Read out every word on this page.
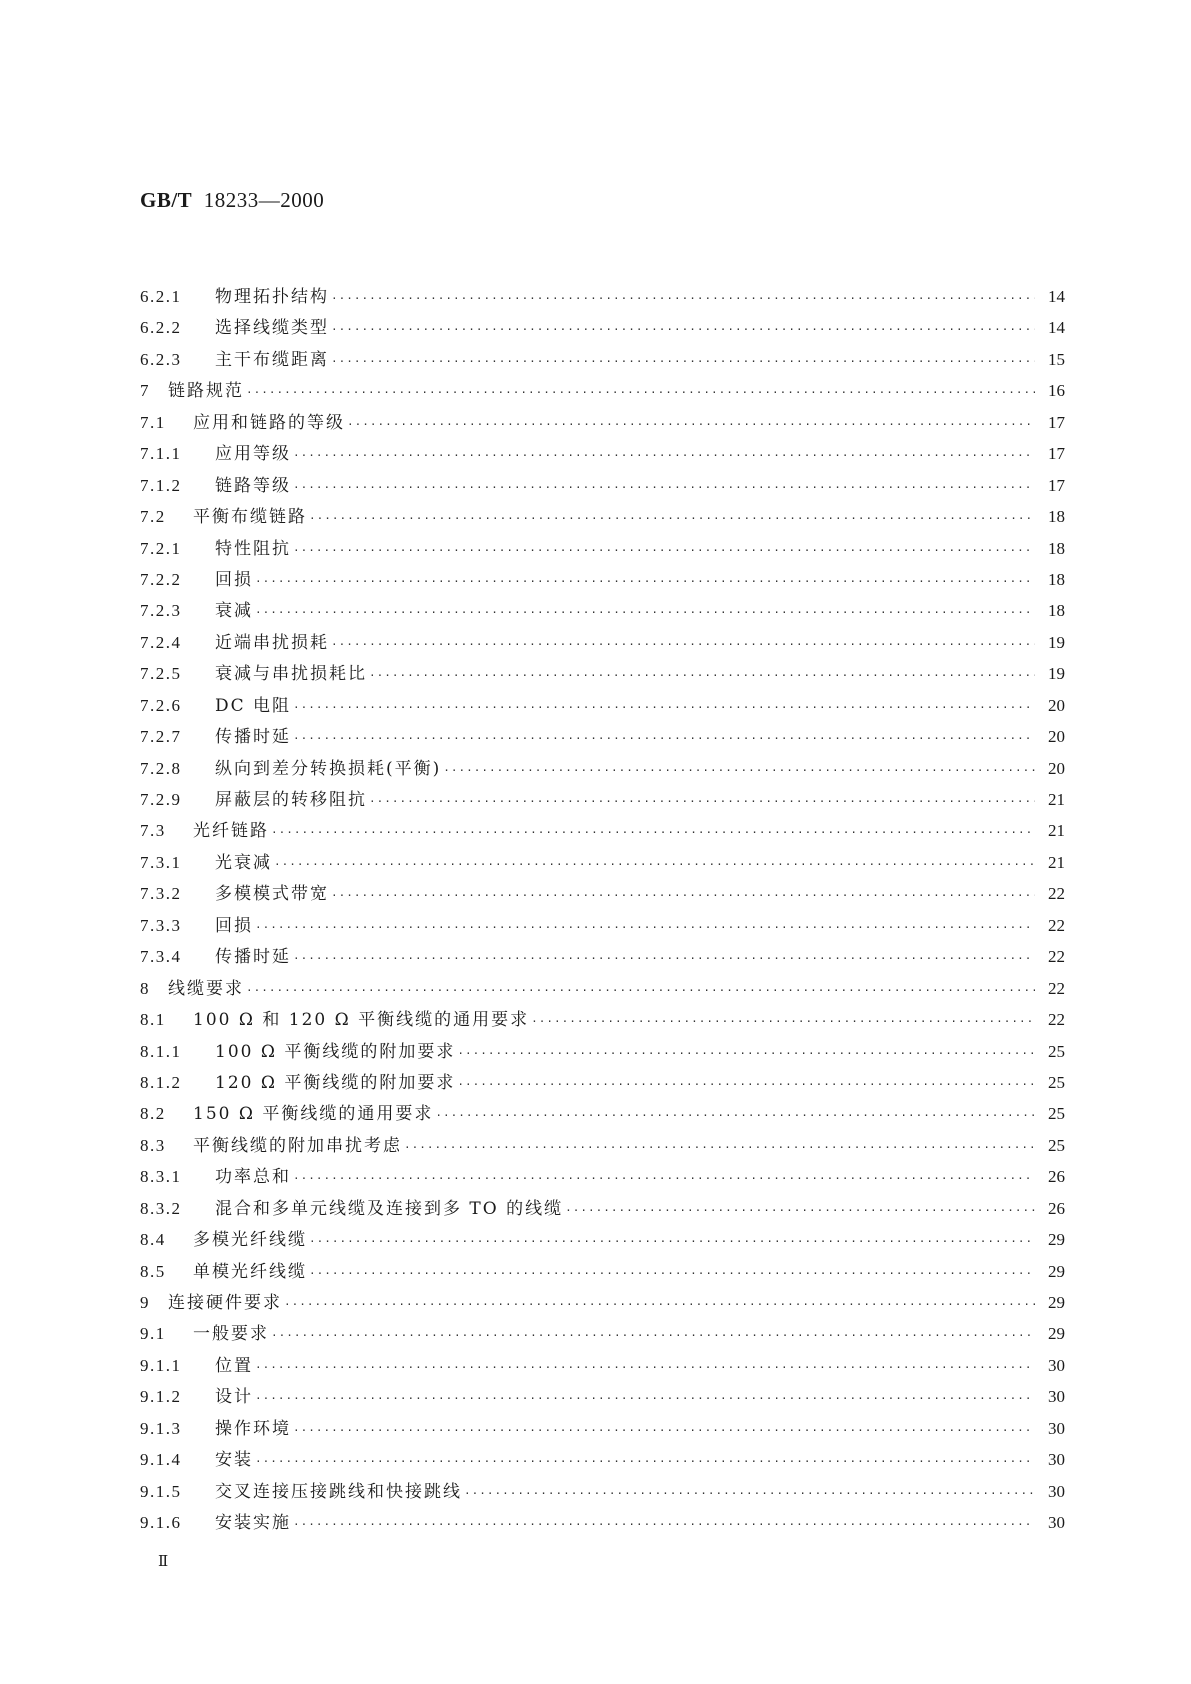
GB/T 18233—2000
6.2.1	物理拓扑结构 ·····	14
6.2.2	选择线缆类型 ·····	14
6.2.3	主干布缆距离 ·····	15
7	链路规范 ·····	16
7.1	应用和链路的等级 ·····	17
7.1.1	应用等级 ·····	17
7.1.2	链路等级 ·····	17
7.2	平衡布缆链路 ·····	18
7.2.1	特性阻抗 ·····	18
7.2.2	回损 ·····	18
7.2.3	衰减 ·····	18
7.2.4	近端串扰损耗 ·····	19
7.2.5	衰减与串扰损耗比 ·····	19
7.2.6	DC 电阻 ·····	20
7.2.7	传播时延 ·····	20
7.2.8	纵向到差分转换损耗(平衡) ·····	20
7.2.9	屏蔽层的转移阻抗 ·····	21
7.3	光纤链路 ·····	21
7.3.1	光衰减 ·····	21
7.3.2	多模模式带宽 ·····	22
7.3.3	回损 ·····	22
7.3.4	传播时延 ·····	22
8	线缆要求 ·····	22
8.1	100 Ω 和 120 Ω 平衡线缆的通用要求 ·····	22
8.1.1	100 Ω 平衡线缆的附加要求 ·····	25
8.1.2	120 Ω 平衡线缆的附加要求 ·····	25
8.2	150 Ω 平衡线缆的通用要求 ·····	25
8.3	平衡线缆的附加串扰考虑 ·····	25
8.3.1	功率总和 ·····	26
8.3.2	混合和多单元线缆及连接到多 TO 的线缆 ·····	26
8.4	多模光纤线缆 ·····	29
8.5	单模光纤线缆 ·····	29
9	连接硬件要求 ·····	29
9.1	一般要求 ·····	29
9.1.1	位置 ·····	30
9.1.2	设计 ·····	30
9.1.3	操作环境 ·····	30
9.1.4	安装 ·····	30
9.1.5	交叉连接压接跳线和快接跳线 ·····	30
9.1.6	安装实施 ·····	30
Ⅱ
